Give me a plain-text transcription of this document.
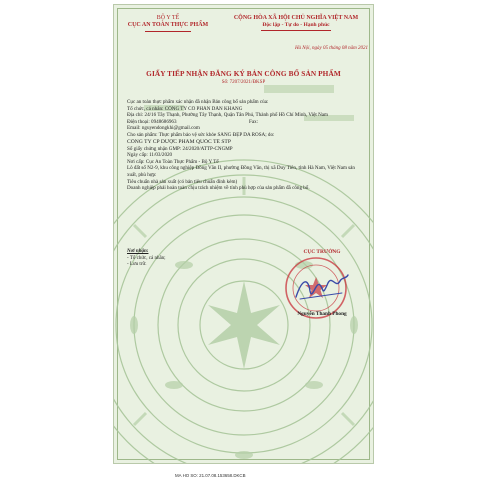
BỘ Y TẾ
CỤC AN TOÀN THỰC PHẨM
CỘNG HÒA XÃ HỘI CHỦ NGHĨA VIỆT NAM
Độc lập - Tự do - Hạnh phúc
Hà Nội, ngày 05 tháng 08 năm 2021
GIẤY TIẾP NHẬN ĐĂNG KÝ BẢN CÔNG BỐ SẢN PHẨM
Số: 7207/2021/ĐKSP
Cục an toàn thực phẩm xác nhận đã nhận Bản công bố sản phẩm của:
Tổ chức, cá nhân: CÔNG TY CỔ PHẦN DẪN KHANG
Địa chỉ: 24/16 Tây Thạnh, Phường Tây Thạnh, Quận Tân Phú, Thành phố Hồ Chí Minh, Việt Nam
Điện thoại: 0948686963	Fax:
Email: nguyendongkhi@gmail.com
Cho sản phẩm: Thực phẩm bảo vệ sức khỏe SÁNG ĐẸP DA ROSA; do:
CÔNG TY CP DƯỢC PHẨM QUỐC TẾ STP
Số giấy chứng nhận GMP: 24/2020/ATTP-CNGMP
Ngày cấp: 11/03/2020
Nơi cấp: Cục An Toàn Thực Phẩm - Bộ Y Tế
Lô đất số N2-9, khu công nghiệp Đồng Văn II, phường Đồng Văn, thị xã Duy Tiên, tỉnh Hà Nam, Việt Nam sản xuất, phù hợp:
Tiêu chuẩn nhà sản xuất (có bản tiêu chuẩn đính kèm)
Doanh nghiệp phải hoàn toàn chịu trách nhiệm về tính phù hợp của sản phẩm đã công bố.
Nơi nhận:
- Tổ chức, cá nhân;
- Lưu trữ.
CỤC TRƯỞNG
Nguyễn Thanh Phong
MA HO SO: 21.07.08.153658.DKCB
